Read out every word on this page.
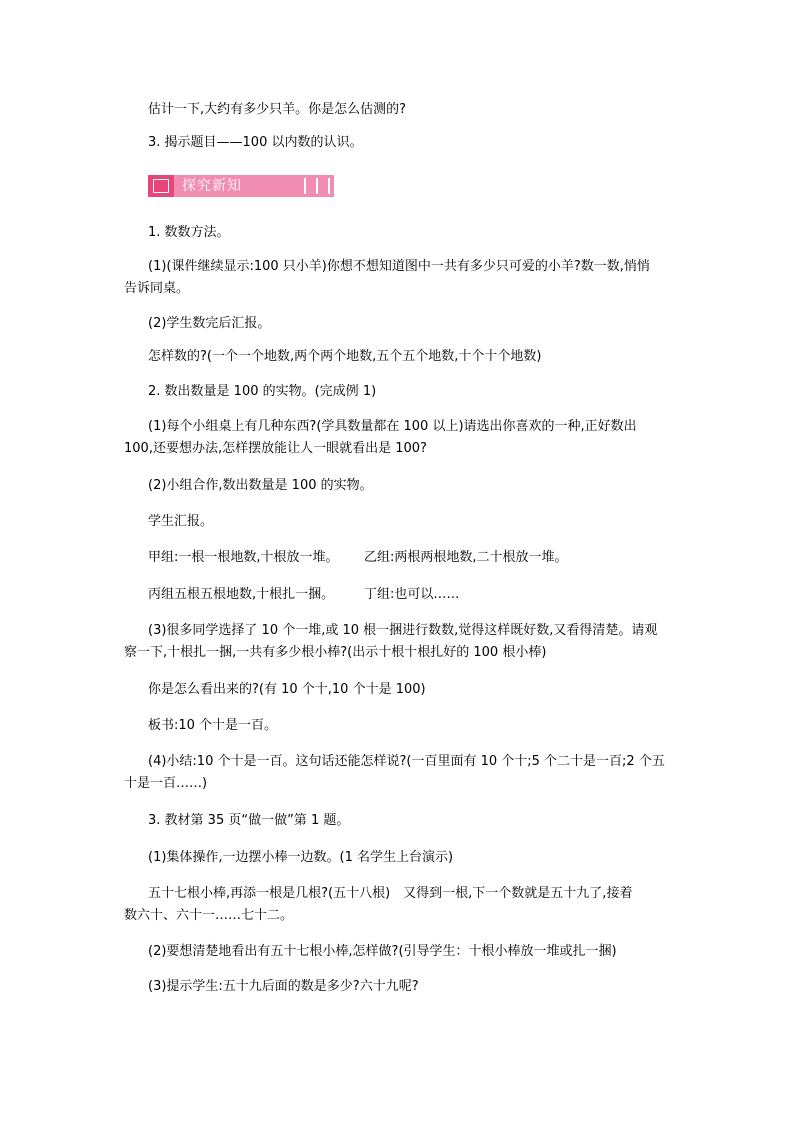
估计一下,大约有多少只羊。你是怎么估测的?
3. 揭示题目——100 以内数的认识。
探究新知
1. 数数方法。
(1)(课件继续显示:100 只小羊)你想不想知道图中一共有多少只可爱的小羊?数一数,悄悄
告诉同桌。
(2)学生数完后汇报。
怎样数的?(一个一个地数,两个两个地数,五个五个地数,十个十个地数)
2. 数出数量是 100 的实物。(完成例 1)
(1)每个小组桌上有几种东西?(学具数量都在 100 以上)请选出你喜欢的一种,正好数出
100,还要想办法,怎样摆放能让人一眼就看出是 100?
(2)小组合作,数出数量是 100 的实物。
学生汇报。
甲组:一根一根地数,十根放一堆。	乙组:两根两根地数,二十根放一堆。
丙组五根五根地数,十根扎一捆。	丁组:也可以……
(3)很多同学选择了 10 个一堆,或 10 根一捆进行数数,觉得这样既好数,又看得清楚。请观
察一下,十根扎一捆,一共有多少根小棒?(出示十根十根扎好的 100 根小棒)
你是怎么看出来的?(有 10 个十,10 个十是 100)
板书:10 个十是一百。
(4)小结:10 个十是一百。这句话还能怎样说?(一百里面有 10 个十;5 个二十是一百;2 个五
十是一百……)
3. 教材第 35 页“做一做”第 1 题。
(1)集体操作,一边摆小棒一边数。(1 名学生上台演示)
五十七根小棒,再添一根是几根?(五十八根)　又得到一根,下一个数就是五十九了,接着
数六十、六十一……七十二。
(2)要想清楚地看出有五十七根小棒,怎样做?(引导学生：十根小棒放一堆或扎一捆)
(3)提示学生:五十九后面的数是多少?六十九呢?
